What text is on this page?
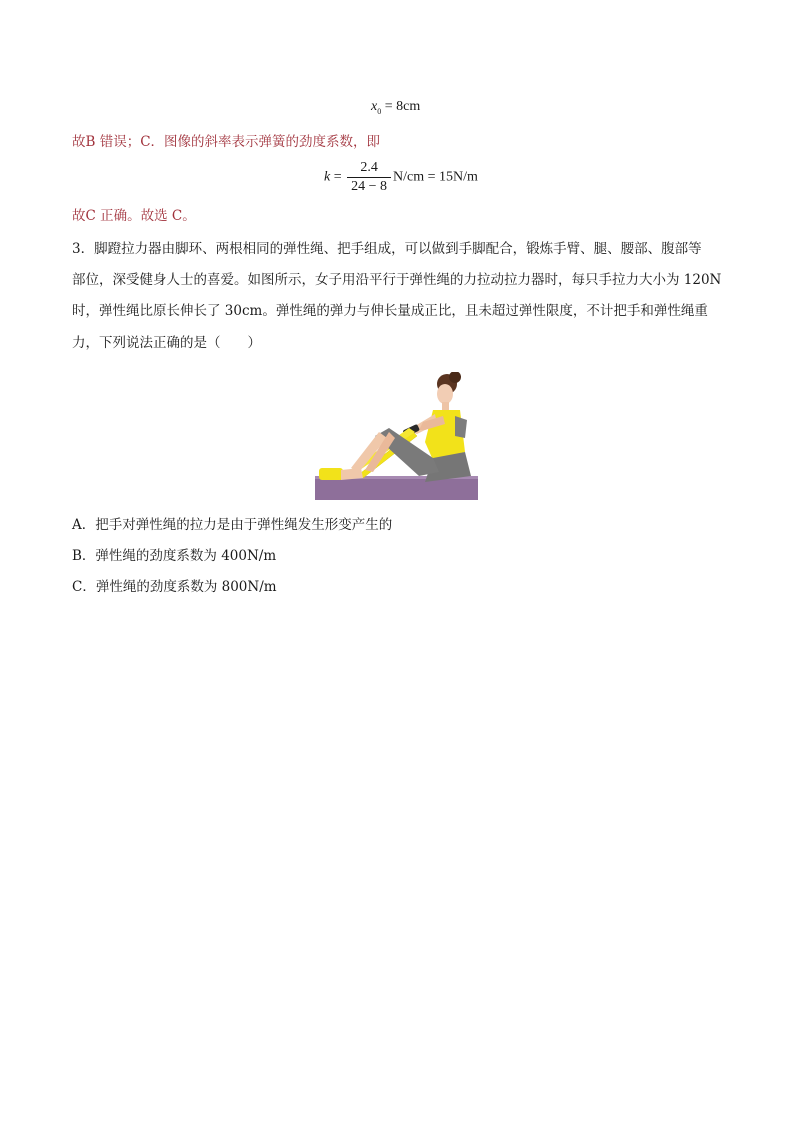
$x_0 = 8cm$
故B 错误；C．图像的斜率表示弹簧的劲度系数，即
$k = \frac{2.4}{24 - 8} N/cm = 15N/m$
故C 正确。故选 C。
3．脚蹬拉力器由脚环、两根相同的弹性绳、把手组成，可以做到手脚配合，锻炼手臂、腿、腰部、腹部等
部位，深受健身人士的喜爱。如图所示，女子用沿平行于弹性绳的力拉动拉力器时，每只手拉力大小为 120N
时，弹性绳比原长伸长了 30cm。弹性绳的弹力与伸长量成正比，且未超过弹性限度，不计把手和弹性绳重
力，下列说法正确的是（　　）
A．把手对弹性绳的拉力是由于弹性绳发生形变产生的
B．弹性绳的劲度系数为 400N/m
C．弹性绳的劲度系数为 800N/m
